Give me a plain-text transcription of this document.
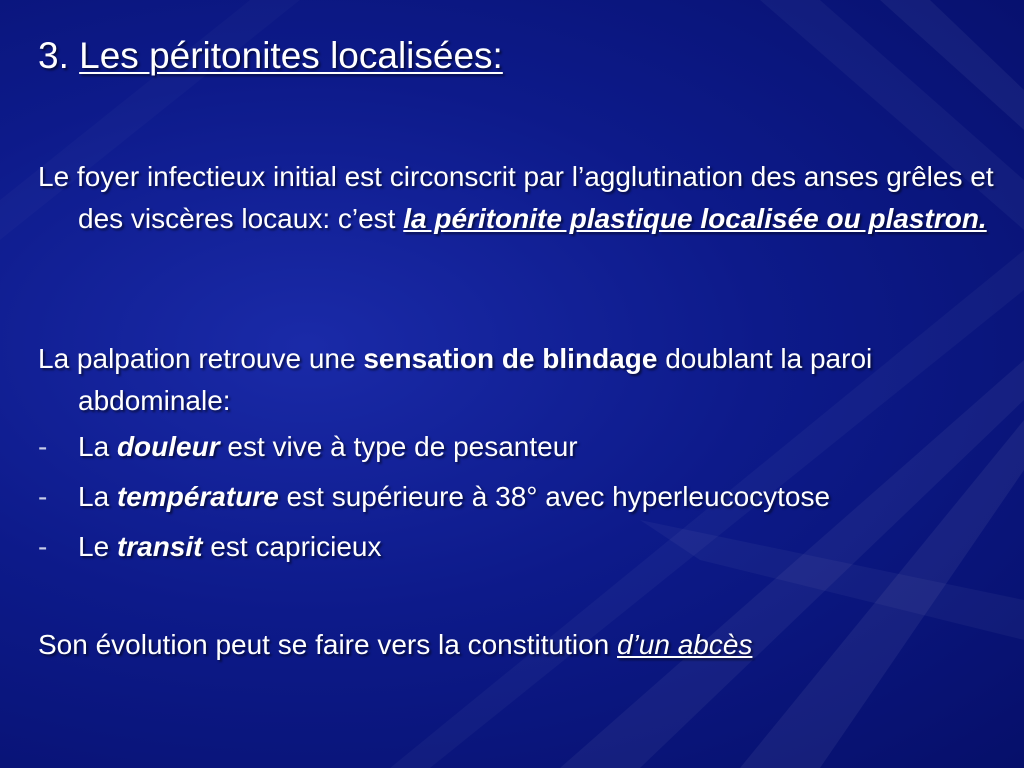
3. Les péritonites localisées:
Le foyer infectieux initial est circonscrit par l’agglutination des anses grêles et des viscères locaux: c’est la péritonite plastique localisée ou plastron.
La palpation retrouve une sensation de blindage doublant la paroi abdominale:
- La douleur est vive à type de pesanteur
- La température est supérieure à 38° avec hyperleucocytose
- Le transit est capricieux
Son évolution peut se faire vers la constitution d’un abcès
